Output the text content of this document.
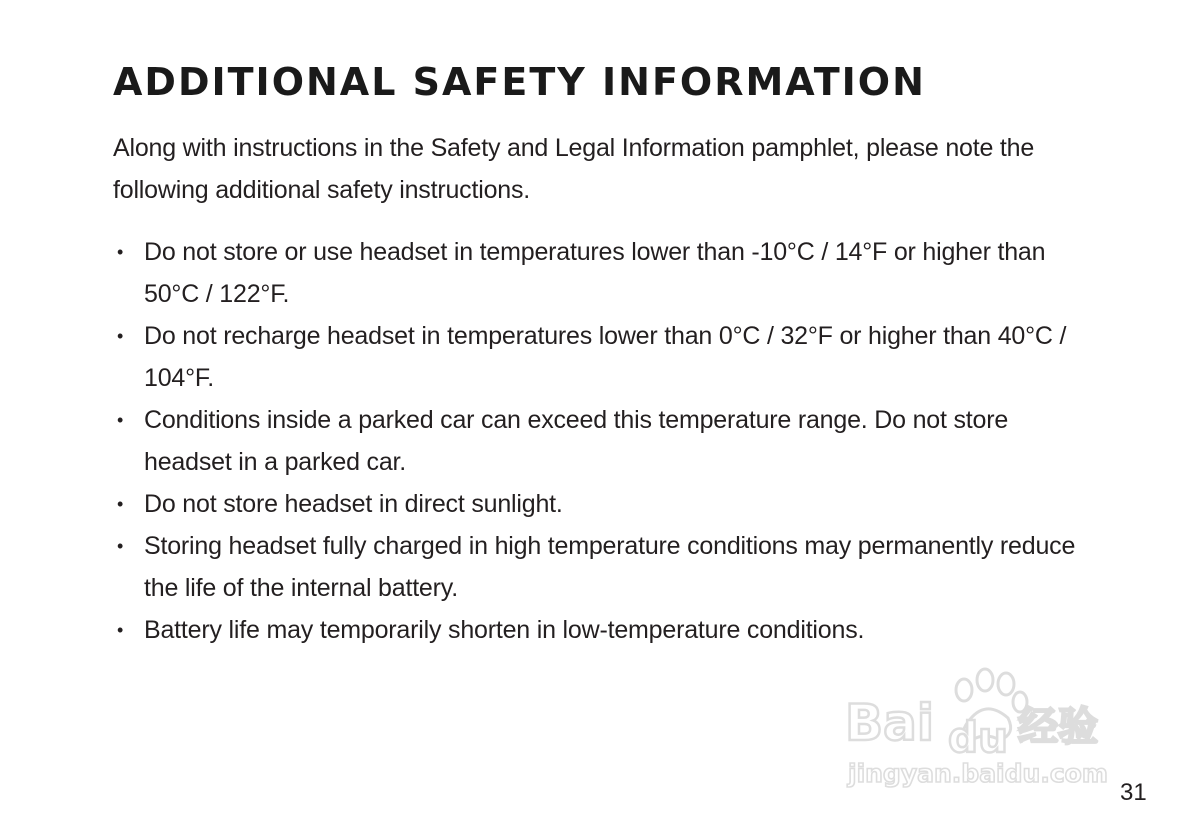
ADDITIONAL SAFETY INFORMATION

Along with instructions in the Safety and Legal Information pamphlet, please note the following additional safety instructions.

• Do not store or use headset in temperatures lower than -10°C / 14°F or higher than 50°C / 122°F.
• Do not recharge headset in temperatures lower than 0°C / 32°F or higher than 40°C / 104°F.
• Conditions inside a parked car can exceed this temperature range. Do not store headset in a parked car.
• Do not store headset in direct sunlight.
• Storing headset fully charged in high temperature conditions may permanently reduce the life of the internal battery.
• Battery life may temporarily shorten in low-temperature conditions.
Bai du 经验
jingyan.baidu.com
31
